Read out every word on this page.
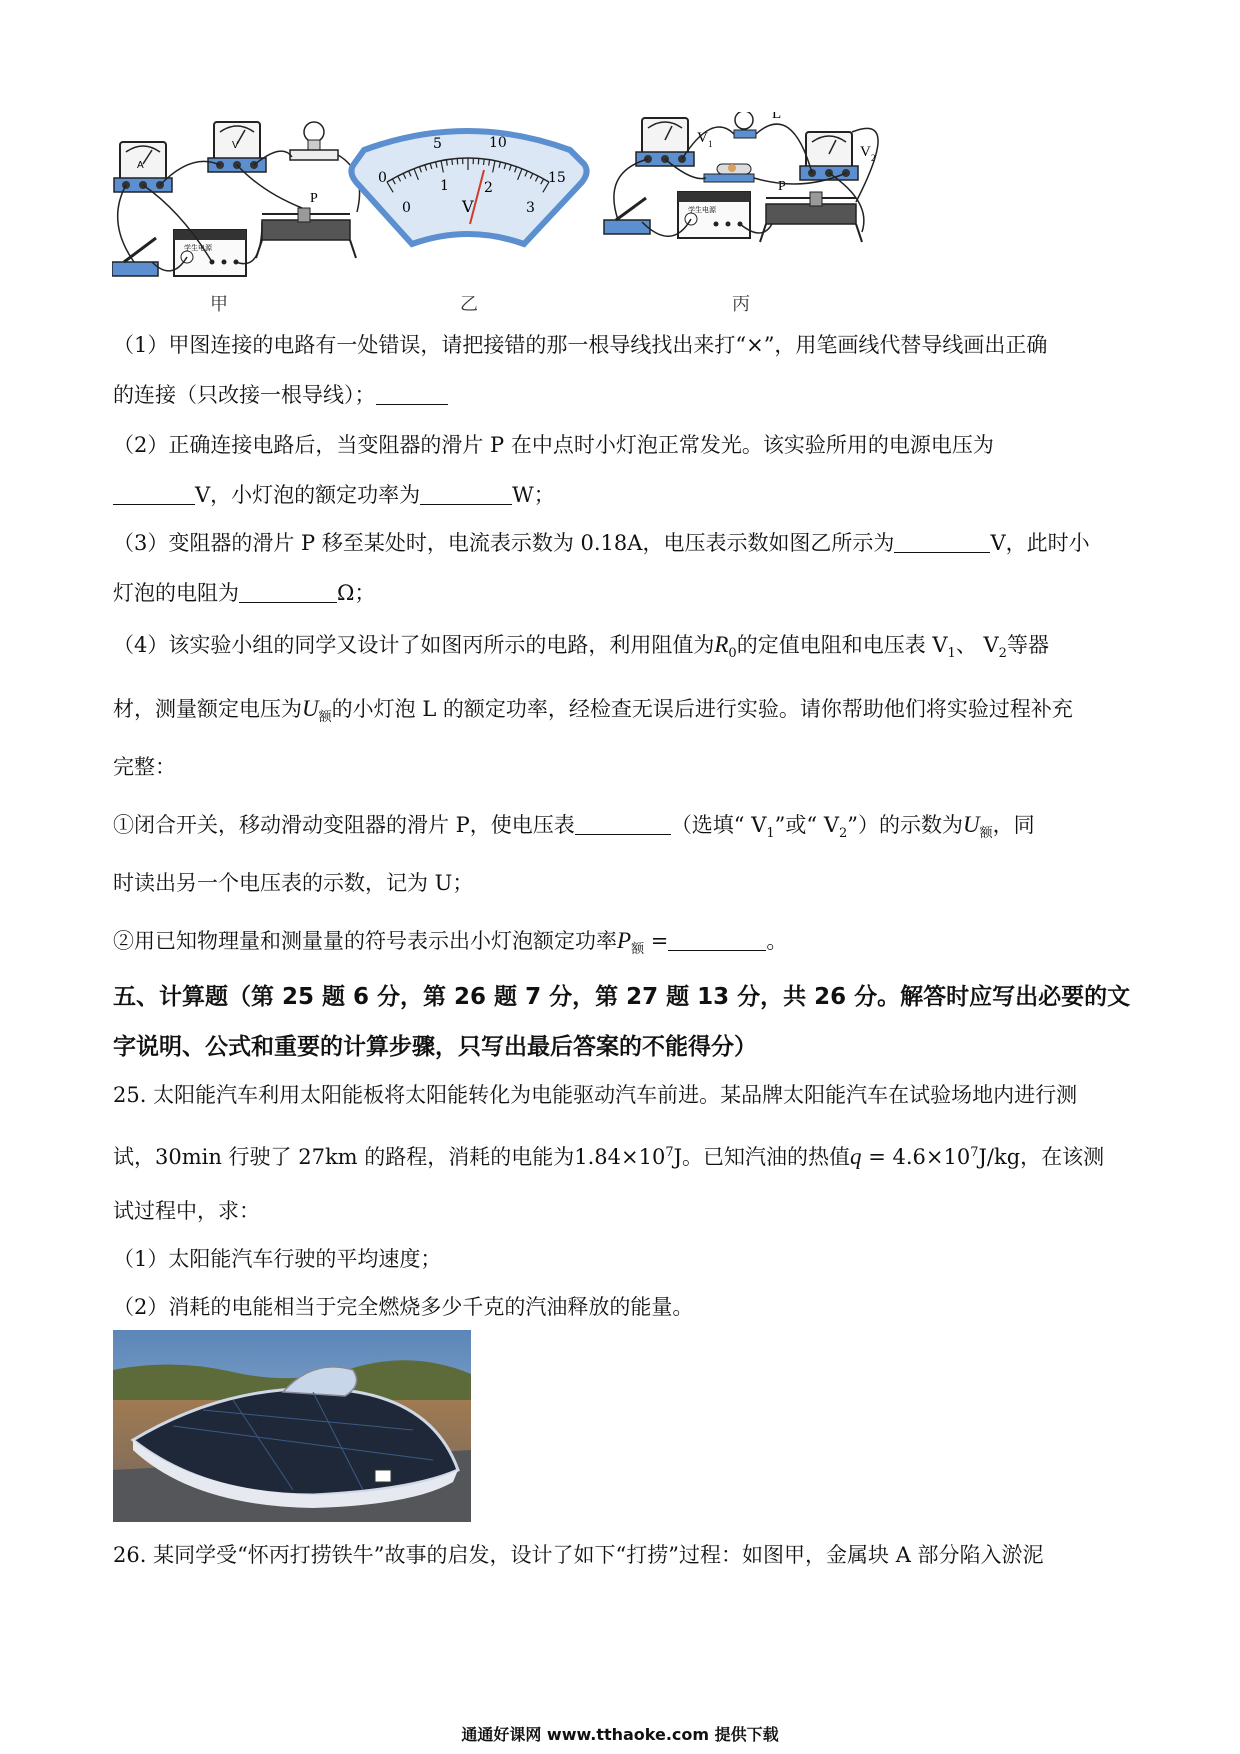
A
V
学生电源
P
甲
0
5	10
15
0
1	2
3
V
乙
V 1
L
V 2
学生电源
P
丙
（1）甲图连接的电路有一处错误，请把接错的那一根导线找出来打“×”，用笔画线代替导线画出正确
的连接（只改接一根导线）；
（2）正确连接电路后，当变阻器的滑片 P 在中点时小灯泡正常发光。该实验所用的电源电压为
V，小灯泡的额定功率为	W；
（3）变阻器的滑片 P 移至某处时，电流表示数为 0.18A，电压表示数如图乙所示为	V，此时小
灯泡的电阻为	Ω；
（4）该实验小组的同学又设计了如图丙所示的电路，利用阻值为$R_0$的定值电阻和电压表 $V_1$、 $V_2$等器
材，测量额定电压为$U_额$的小灯泡 L 的额定功率，经检查无误后进行实验。请你帮助他们将实验过程补充
完整：
①闭合开关，移动滑动变阻器的滑片 P，使电压表	（选填“ $V_1$”或“ $V_2$”）的示数为$U_额$，同
时读出另一个电压表的示数，记为 U；
②用已知物理量和测量量的符号表示出小灯泡额定功率$P_额$ =	。
五、计算题（第 25 题 6 分，第 26 题 7 分，第 27 题 13 分，共 26 分。解答时应写出必要的文
字说明、公式和重要的计算步骤，只写出最后答案的不能得分）
25. 太阳能汽车利用太阳能板将太阳能转化为电能驱动汽车前进。某品牌太阳能汽车在试验场地内进行测
试，30min 行驶了 27km 的路程，消耗的电能为$1.84\times 10^7J$。已知汽油的热值$q = 4.6\times 10^7J/kg$，在该测
试过程中，求：
（1）太阳能汽车行驶的平均速度；
（2）消耗的电能相当于完全燃烧多少千克的汽油释放的能量。
26. 某同学受“怀丙打捞铁牛”故事的启发，设计了如下“打捞”过程：如图甲，金属块 A 部分陷入淤泥
通通好课网 www.tthaoke.com 提供下载
